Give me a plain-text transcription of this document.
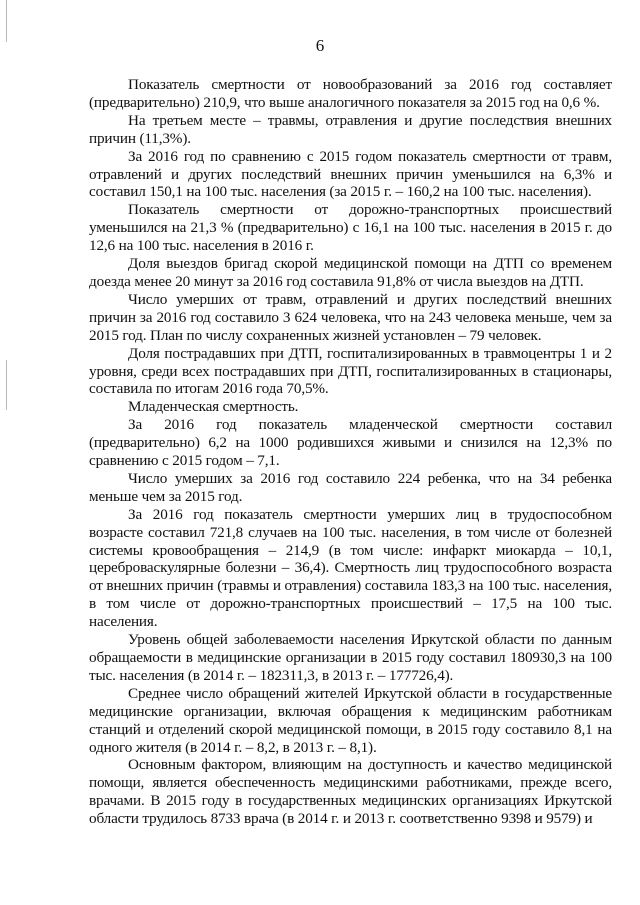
6

Показатель смертности от новообразований за 2016 год составляет (предварительно) 210,9, что выше аналогичного показателя за 2015 год на 0,6 %.

На третьем месте – травмы, отравления и другие последствия внешних причин (11,3%).

За 2016 год по сравнению с 2015 годом показатель смертности от травм, отравлений и других последствий внешних причин уменьшился на 6,3% и составил 150,1 на 100 тыс. населения (за 2015 г. – 160,2 на 100 тыс. населения).

Показатель смертности от дорожно-транспортных происшествий уменьшился на 21,3 % (предварительно) с 16,1 на 100 тыс. населения в 2015 г. до 12,6 на 100 тыс. населения в 2016 г.

Доля выездов бригад скорой медицинской помощи на ДТП со временем доезда менее 20 минут за 2016 год составила 91,8% от числа выездов на ДТП.

Число умерших от травм, отравлений и других последствий внешних причин за 2016 год составило 3 624 человека, что на 243 человека меньше, чем за 2015 год. План по числу сохраненных жизней установлен – 79 человек.

Доля пострадавших при ДТП, госпитализированных в травмоцентры 1 и 2 уровня, среди всех пострадавших при ДТП, госпитализированных в стационары, составила по итогам 2016 года 70,5%.

Младенческая смертность.

За 2016 год показатель младенческой смертности составил (предварительно) 6,2 на 1000 родившихся живыми и снизился на 12,3% по сравнению с 2015 годом – 7,1.

Число умерших за 2016 год составило 224 ребенка, что на 34 ребенка меньше чем за 2015 год.

За 2016 год показатель смертности умерших лиц в трудоспособном возрасте составил 721,8 случаев на 100 тыс. населения, в том числе от болезней системы кровообращения – 214,9 (в том числе: инфаркт миокарда – 10,1, цереброваскулярные болезни – 36,4). Смертность лиц трудоспособного возраста от внешних причин (травмы и отравления) составила 183,3 на 100 тыс. населения, в том числе от дорожно-транспортных происшествий – 17,5 на 100 тыс. населения.

Уровень общей заболеваемости населения Иркутской области по данным обращаемости в медицинские организации в 2015 году составил 180930,3 на 100 тыс. населения (в 2014 г. – 182311,3, в 2013 г. – 177726,4).

Среднее число обращений жителей Иркутской области в государственные медицинские организации, включая обращения к медицинским работникам станций и отделений скорой медицинской помощи, в 2015 году составило 8,1 на одного жителя (в 2014 г. – 8,2, в 2013 г. – 8,1).

Основным фактором, влияющим на доступность и качество медицинской помощи, является обеспеченность медицинскими работниками, прежде всего, врачами. В 2015 году в государственных медицинских организациях Иркутской области трудилось 8733 врача (в 2014 г. и 2013 г. соответственно 9398 и 9579) и
